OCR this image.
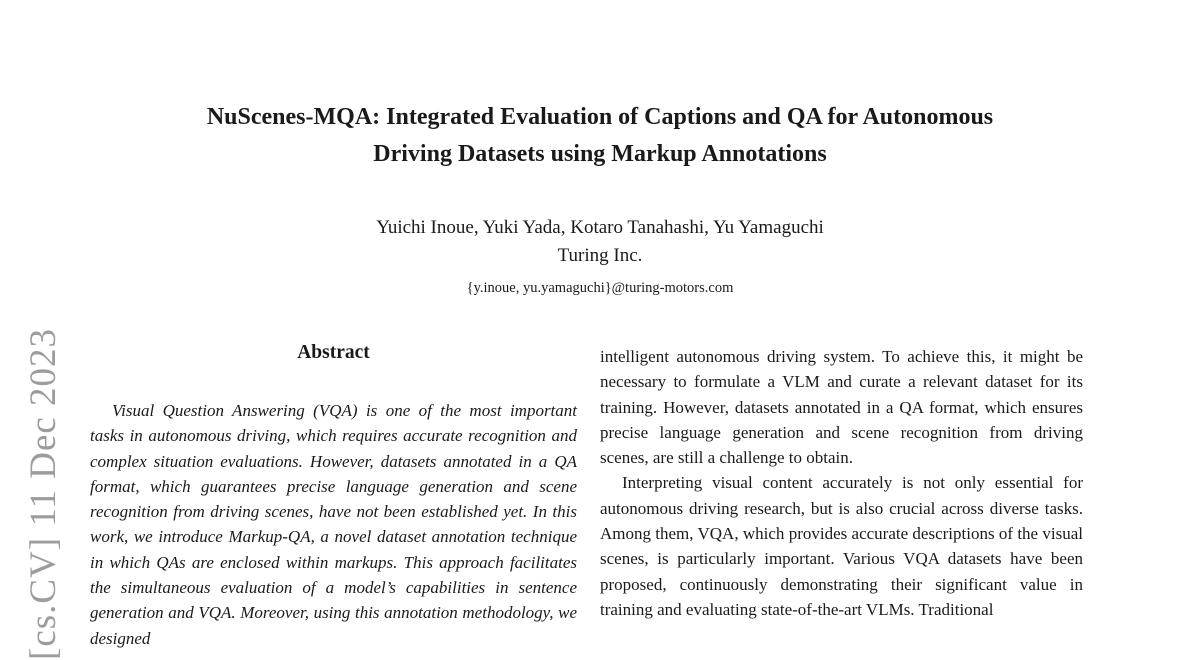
[cs.CV] 11 Dec 2023
NuScenes-MQA: Integrated Evaluation of Captions and QA for Autonomous
Driving Datasets using Markup Annotations
Yuichi Inoue, Yuki Yada, Kotaro Tanahashi, Yu Yamaguchi
Turing Inc.
{y.inoue, yu.yamaguchi}@turing-motors.com
Abstract

Visual Question Answering (VQA) is one of the most important tasks in autonomous driving, which requires accurate recognition and complex situation evaluations. However, datasets annotated in a QA format, which guarantees precise language generation and scene recognition from driving scenes, have not been established yet. In this work, we introduce Markup-QA, a novel dataset annotation technique in which QAs are enclosed within markups. This approach facilitates the simultaneous evaluation of a model’s capabilities in sentence generation and VQA. Moreover, using this annotation methodology, we designed

intelligent autonomous driving system. To achieve this, it might be necessary to formulate a VLM and curate a relevant dataset for its training. However, datasets annotated in a QA format, which ensures precise language generation and scene recognition from driving scenes, are still a challenge to obtain.

Interpreting visual content accurately is not only essential for autonomous driving research, but is also crucial across diverse tasks. Among them, VQA, which provides accurate descriptions of the visual scenes, is particularly important. Various VQA datasets have been proposed, continuously demonstrating their significant value in training and evaluating state-of-the-art VLMs. Traditional
